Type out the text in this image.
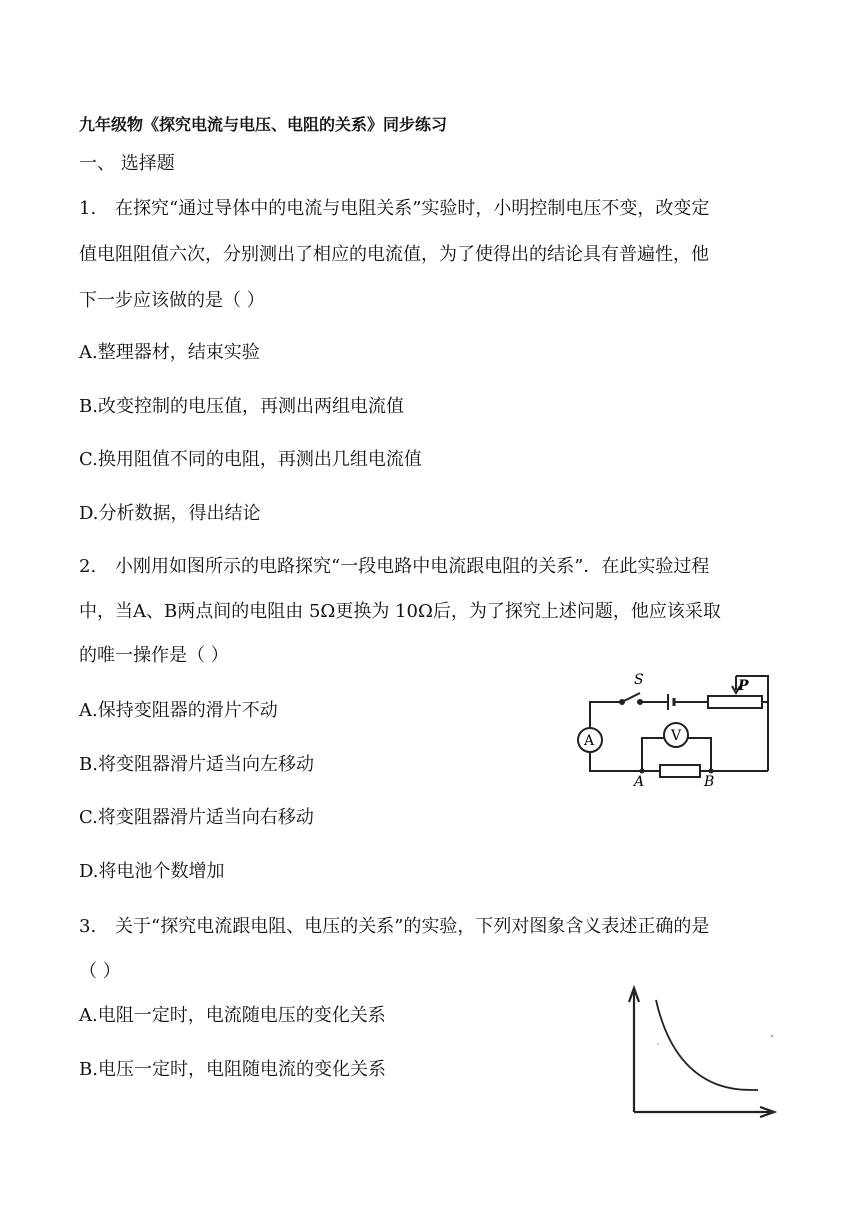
九年级物《探究电流与电压、电阻的关系》同步练习
一、 选择题
1. 在探究“通过导体中的电流与电阻关系”实验时，小明控制电压不变，改变定
值电阻阻值六次，分别测出了相应的电流值，为了使得出的结论具有普遍性，他
下一步应该做的是（ ）
A.整理器材，结束实验
B.改变控制的电压值，再测出两组电流值
C.换用阻值不同的电阻，再测出几组电流值
D.分析数据，得出结论
2. 小刚用如图所示的电路探究“一段电路中电流跟电阻的关系”．在此实验过程
中，当A、B两点间的电阻由 5Ω更换为 10Ω后，为了探究上述问题，他应该采取
的唯一操作是（ ）
A.保持变阻器的滑片不动
B.将变阻器滑片适当向左移动
C.将变阻器滑片适当向右移动
D.将电池个数增加
S	P
A	V
A	B
3. 关于“探究电流跟电阻、电压的关系”的实验，下列对图象含义表述正确的是
（ ）
A.电阻一定时，电流随电压的变化关系
B.电压一定时，电阻随电流的变化关系
